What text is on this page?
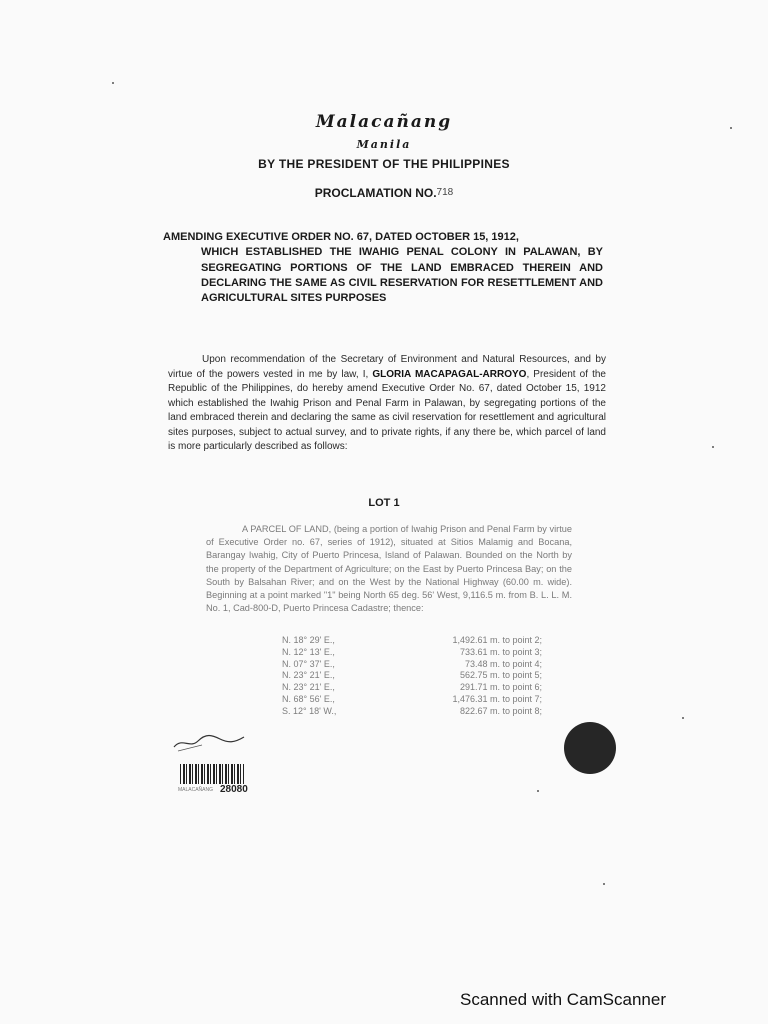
Malacañang
Manila
BY THE PRESIDENT OF THE PHILIPPINES
PROCLAMATION NO.718
AMENDING EXECUTIVE ORDER NO. 67, DATED OCTOBER 15, 1912,
WHICH ESTABLISHED THE IWAHIG PENAL COLONY IN PALAWAN, BY SEGREGATING PORTIONS OF THE LAND EMBRACED THEREIN AND DECLARING THE SAME AS CIVIL RESERVATION FOR RESETTLEMENT AND AGRICULTURAL SITES PURPOSES
Upon recommendation of the Secretary of Environment and Natural Resources, and by virtue of the powers vested in me by law, I, GLORIA MACAPAGAL-ARROYO, President of the Republic of the Philippines, do hereby amend Executive Order No. 67, dated October 15, 1912 which established the Iwahig Prison and Penal Farm in Palawan, by segregating portions of the land embraced therein and declaring the same as civil reservation for resettlement and agricultural sites purposes, subject to actual survey, and to private rights, if any there be, which parcel of land is more particularly described as follows:
LOT 1
A PARCEL OF LAND, (being a portion of Iwahig Prison and Penal Farm by virtue of Executive Order no. 67, series of 1912), situated at Sitios Malamig and Bocana, Barangay Iwahig, City of Puerto Princesa, Island of Palawan. Bounded on the North by the property of the Department of Agriculture; on the East by Puerto Princesa Bay; on the South by Balsahan River; and on the West by the National Highway (60.00 m. wide). Beginning at a point marked "1" being North 65 deg. 56' West, 9,116.5 m. from B. L. L. M. No. 1, Cad-800-D, Puerto Princesa Cadastre; thence:
N. 18° 29' E.,	1,492.61 m. to point 2;
N. 12° 13' E.,	733.61 m. to point 3;
N. 07° 37' E.,	73.48 m. to point 4;
N. 23° 21' E.,	562.75 m. to point 5;
N. 23° 21' E.,	291.71 m. to point 6;
N. 68° 56' E.,	1,476.31 m. to point 7;
S. 12° 18' W.,	822.67 m. to point 8;
MALACAÑANG 28080
Scanned with CamScanner
